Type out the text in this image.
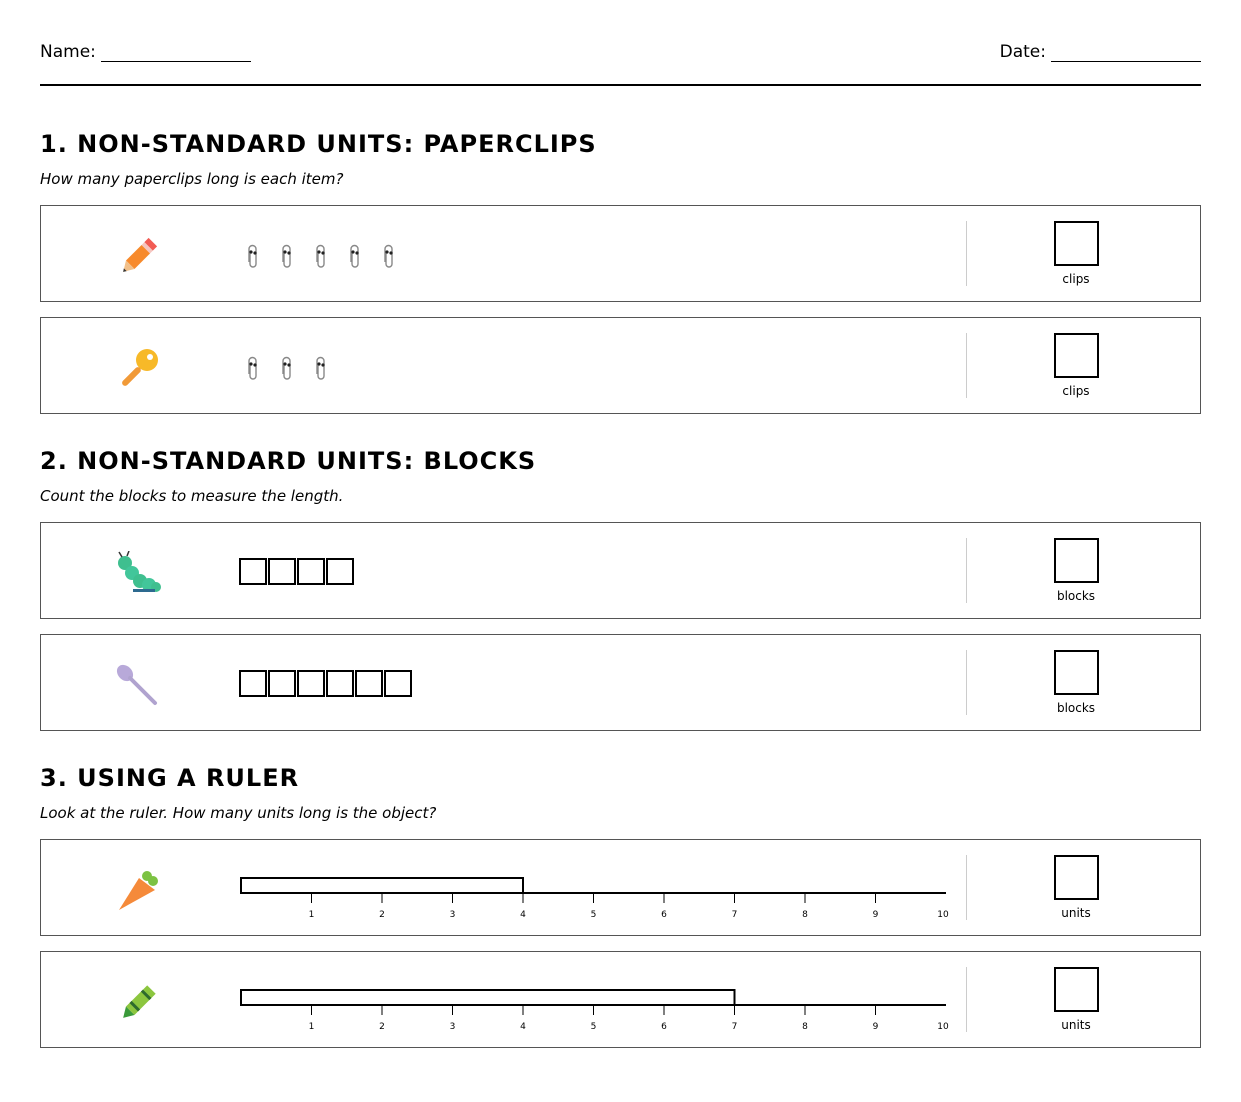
Name:	Date:
1. NON-STANDARD UNITS: PAPERCLIPS

How many paperclips long is each item?

clips
clips
2. NON-STANDARD UNITS: BLOCKS

Count the blocks to measure the length.

blocks
blocks
3. USING A RULER

Look at the ruler. How many units long is the object?

1	2	3	4	5	6	7	8	9	10	units
1	2	3	4	5	6	7	8	9	10	units
